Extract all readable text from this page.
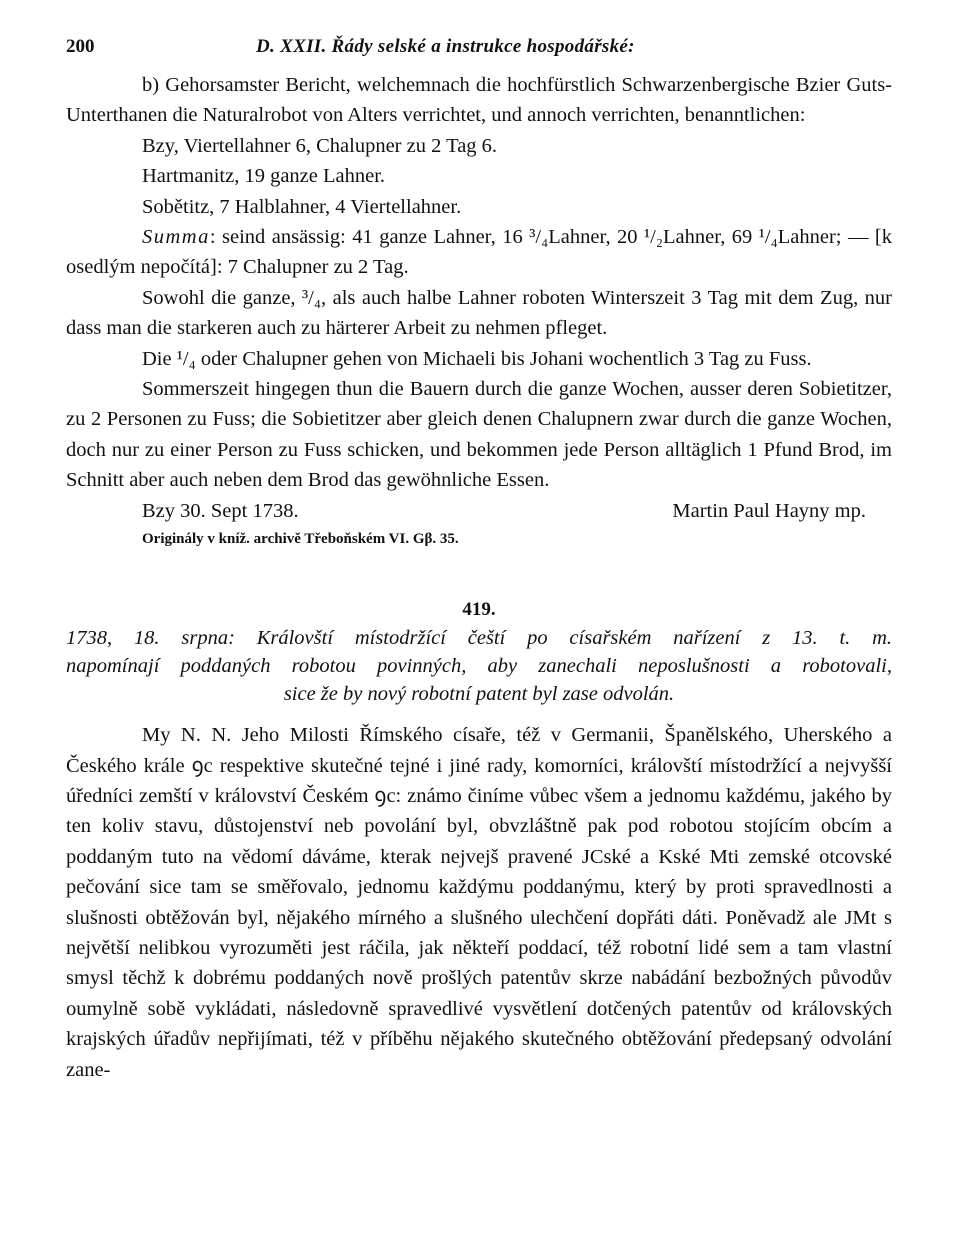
200	D. XXII. Řády selské a instrukce hospodářské:

b) Gehorsamster Bericht, welchemnach die hochfürstlich Schwarzenbergische Bzier Guts-Unterthanen die Naturalrobot von Alters verrichtet, und annoch verrichten, benanntlichen:

Bzy, Viertellahner 6, Chalupner zu 2 Tag 6.

Hartmanitz, 19 ganze Lahner.

Sobětitz, 7 Halblahner, 4 Viertellahner.

Summa: seind ansässig: 41 ganze Lahner, 16 ³/₄Lahner, 20 ¹/₂Lahner, 69 ¹/₄Lahner; — [k osedlým nepočítá]: 7 Chalupner zu 2 Tag.

Sowohl die ganze, ³/₄, als auch halbe Lahner roboten Winterszeit 3 Tag mit dem Zug, nur dass man die starkeren auch zu härterer Arbeit zu nehmen pfleget.

Die ¹/₄ oder Chalupner gehen von Michaeli bis Johani wochentlich 3 Tag zu Fuss.

Sommerszeit hingegen thun die Bauern durch die ganze Wochen, ausser deren Sobietitzer, zu 2 Personen zu Fuss; die Sobietitzer aber gleich denen Chalupnern zwar durch die ganze Wochen, doch nur zu einer Person zu Fuss schicken, und bekommen jede Person alltäglich 1 Pfund Brod, im Schnitt aber auch neben dem Brod das gewöhnliche Essen.

Bzy 30. Sept 1738.	Martin Paul Hayny mp.
Originály v kníž. archivě Třeboňském VI. Gβ. 35.
419.
1738, 18. srpna: Královští místodržící čeští po císařském nařízení z 13. t. m.
napomínají poddaných robotou povinných, aby zanechali neposlušnosti a robotovali,
sice že by nový robotní patent byl zase odvolán.

My N. N. Jeho Milosti Římského císaře, též v Germanii, Španělského, Uherského a Českého krále ꝯc respektive skutečné tejné i jiné rady, komorníci, královští místodržící a nejvyšší úředníci zemští v království Českém ꝯc: známo činíme vůbec všem a jednomu každému, jakého by ten koliv stavu, důstojenství neb povolání byl, obvzláštně pak pod robotou stojícím obcím a poddaným tuto na vědomí dáváme, kterak nejvejš pravené JCské a Kské Mti zemské otcovské pečování sice tam se směřovalo, jednomu každýmu poddanýmu, který by proti spravedlnosti a slušnosti obtěžován byl, nějakého mírného a slušného ulechčení dopřáti dáti. Poněvadž ale JMt s největší nelibkou vyrozuměti jest ráčila, jak někteří poddací, též robotní lidé sem a tam vlastní smysl těchž k dobrému poddaných nově prošlých patentův skrze nabádání bezbožných původův oumylně sobě vykládati, následovně spravedlivé vysvětlení dotčených patentův od královských krajských úřadův nepřijímati, též v příběhu nějakého skutečného obtěžování předepsaný odvolání zane-
